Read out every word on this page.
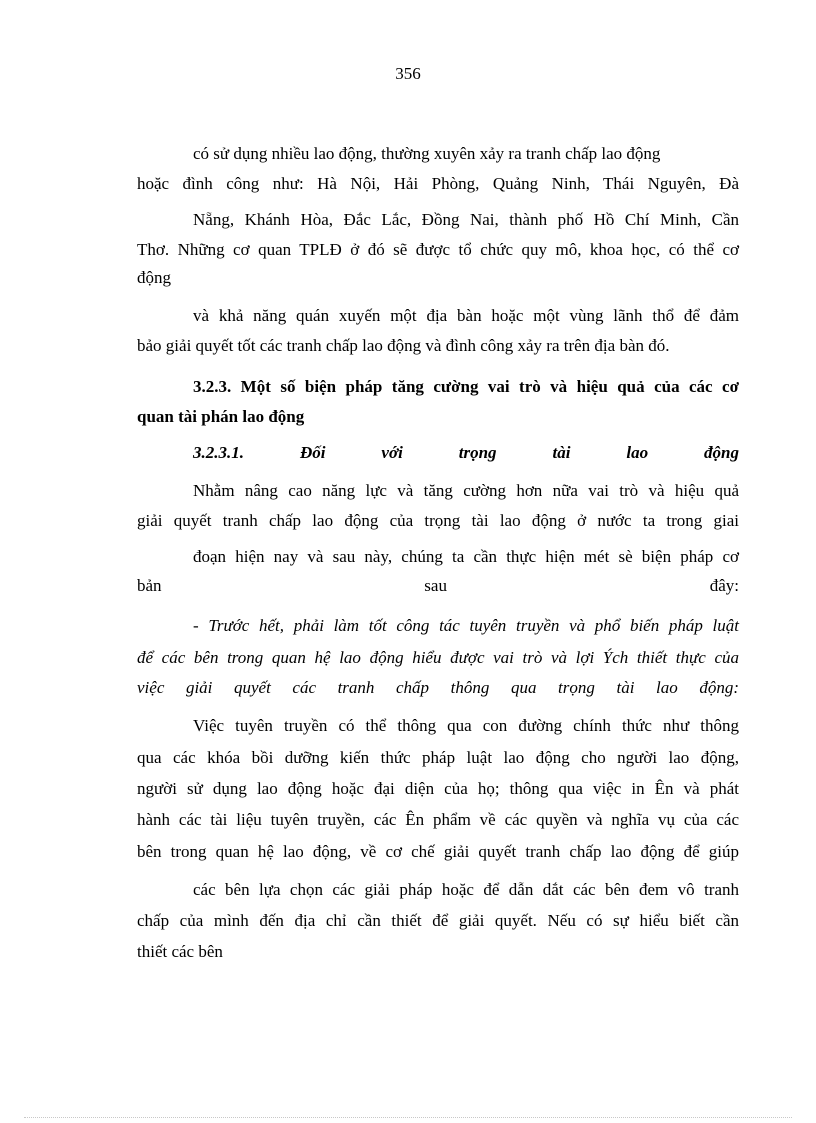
356
có sử dụng nhiều lao động, thường xuyên xảy ra tranh chấp lao động
hoặc đình công như: Hà Nội, Hải Phòng, Quảng Ninh, Thái Nguyên, Đà
Nẵng, Khánh Hòa, Đắc Lắc, Đồng Nai, thành phố Hồ Chí Minh, Cần
Thơ. Những cơ quan TPLĐ ở đó sẽ được tổ chức quy mô, khoa học, có thể cơ
động
và khả năng quán xuyến một địa bàn hoặc một vùng lãnh thổ để đảm
bảo giải quyết tốt các tranh chấp lao động và đình công xảy ra trên địa bàn đó.
3.2.3. Một số biện pháp tăng cường vai trò và hiệu quả của các cơ
quan tài phán lao động
3.2.3.1. Đối với trọng tài lao động
Nhằm nâng cao năng lực và tăng cường hơn nữa vai trò và hiệu quả
giải quyết tranh chấp lao động của trọng tài lao động ở nước ta trong giai
đoạn hiện nay và sau này, chúng ta cần thực hiện mét sè biện pháp cơ
bản sau đây:
- Trước hết, phải làm tốt công tác tuyên truyền và phổ biến pháp luật
để các bên trong quan hệ lao động hiểu được vai trò và lợi Ých thiết thực của
việc giải quyết các tranh chấp thông qua trọng tài lao động:
Việc tuyên truyền có thể thông qua con đường chính thức như thông
qua các khóa bồi dưỡng kiến thức pháp luật lao động cho người lao động,
người sử dụng lao động hoặc đại diện của họ; thông qua việc in Ên và phát
hành các tài liệu tuyên truyền, các Ên phẩm về các quyền và nghĩa vụ của các
bên trong quan hệ lao động, về cơ chế giải quyết tranh chấp lao động để giúp
các bên lựa chọn các giải pháp hoặc để dẫn dắt các bên đem vô tranh
chấp của mình đến địa chỉ cần thiết để giải quyết. Nếu có sự hiểu biết cần
thiết các bên
